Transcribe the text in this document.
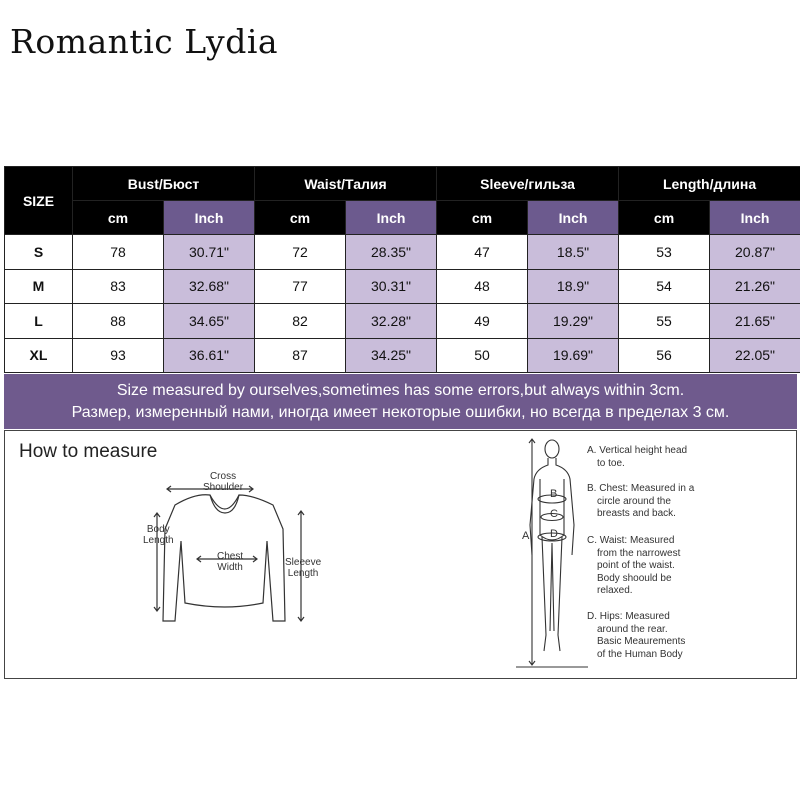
Romantic Lydia
SIZE	Bust/Бюст		Waist/Талия		Sleeve/гильза		Length/длина	
	cm	Inch	cm	Inch	cm	Inch	cm	Inch
S	78	30.71"	72	28.35"	47	18.5"	53	20.87"
M	83	32.68"	77	30.31"	48	18.9"	54	21.26"
L	88	34.65"	82	32.28"	49	19.29"	55	21.65"
XL	93	36.61"	87	34.25"	50	19.69"	56	22.05"
Size measured by ourselves,sometimes has some errors,but always within 3cm.
Размер, измеренный нами, иногда имеет некоторые ошибки, но всегда в пределах 3 см.
How to measure
Cross
Shoulder
Body
Length
Chest
Width	Sleeeve
Length
A
B
C
D
A. Vertical height head
to toe.
B. Chest: Measured in a
circle around the
breasts and back.
C. Waist: Measured
from the narrowest
point of the waist.
Body shoould be
relaxed.
D. Hips: Measured
around the rear.
Basic Meaurements
of the Human Body
